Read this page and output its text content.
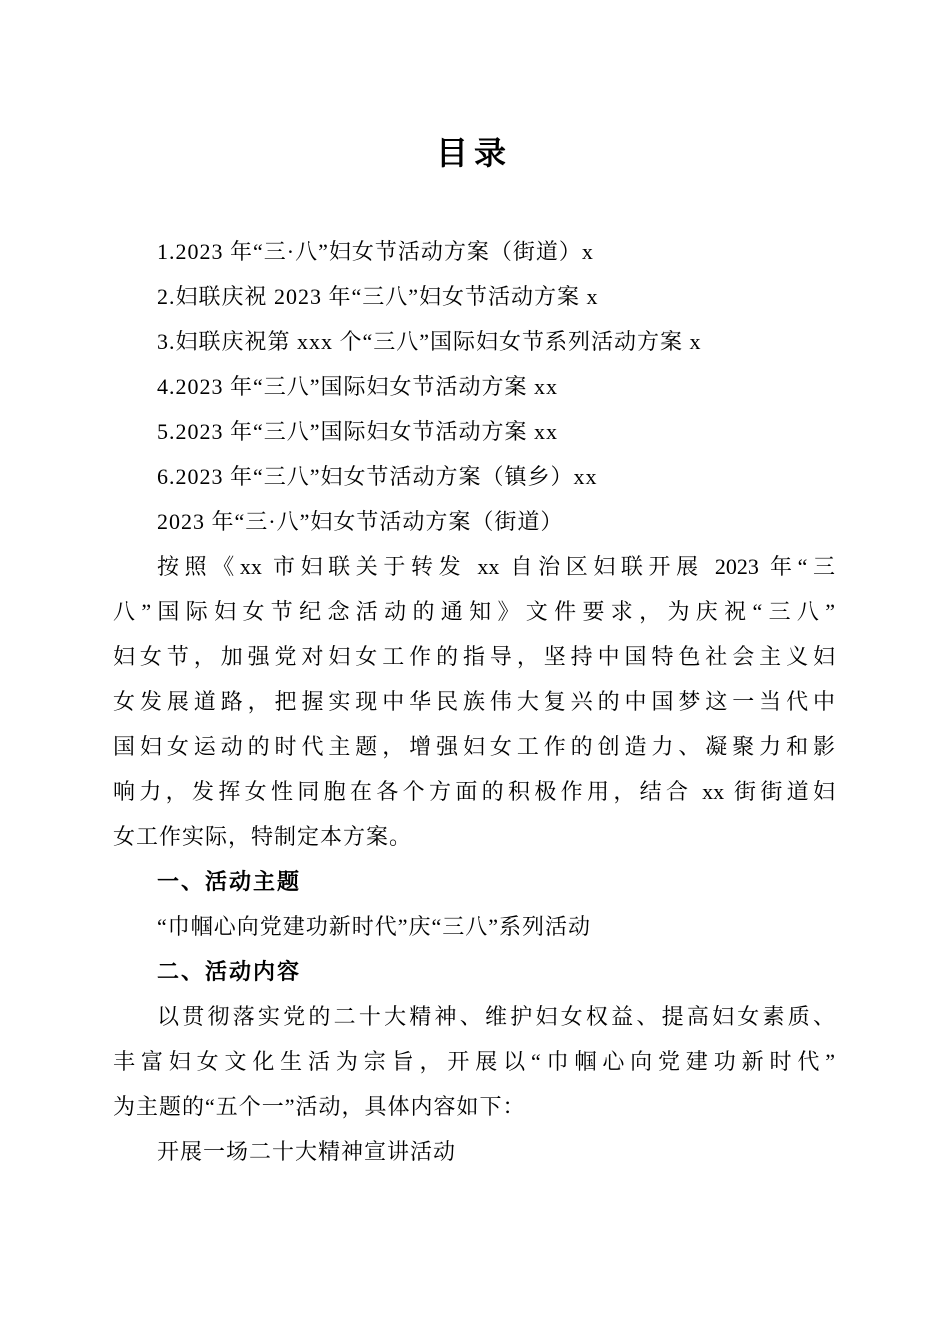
目录
1.2023 年“三·八”妇女节活动方案（街道）x
2.妇联庆祝 2023 年“三八”妇女节活动方案 x
3.妇联庆祝第 xxx 个“三八”国际妇女节系列活动方案 x
4.2023 年“三八”国际妇女节活动方案 xx
5.2023 年“三八”国际妇女节活动方案 xx
6.2023 年“三八”妇女节活动方案（镇乡）xx
2023 年“三·八”妇女节活动方案（街道）
按照《xx 市妇联关于转发 xx 自治区妇联开展 2023 年“三
八”国际妇女节纪念活动的通知》文件要求，为庆祝“三八”
妇女节，加强党对妇女工作的指导，坚持中国特色社会主义妇
女发展道路，把握实现中华民族伟大复兴的中国梦这一当代中
国妇女运动的时代主题，增强妇女工作的创造力、凝聚力和影
响力，发挥女性同胞在各个方面的积极作用，结合 xx 街街道妇
女工作实际，特制定本方案。
一、活动主题
“巾帼心向党建功新时代”庆“三八”系列活动
二、活动内容
以贯彻落实党的二十大精神、维护妇女权益、提高妇女素质、
丰富妇女文化生活为宗旨，开展以“巾帼心向党建功新时代”
为主题的“五个一”活动，具体内容如下：
开展一场二十大精神宣讲活动
